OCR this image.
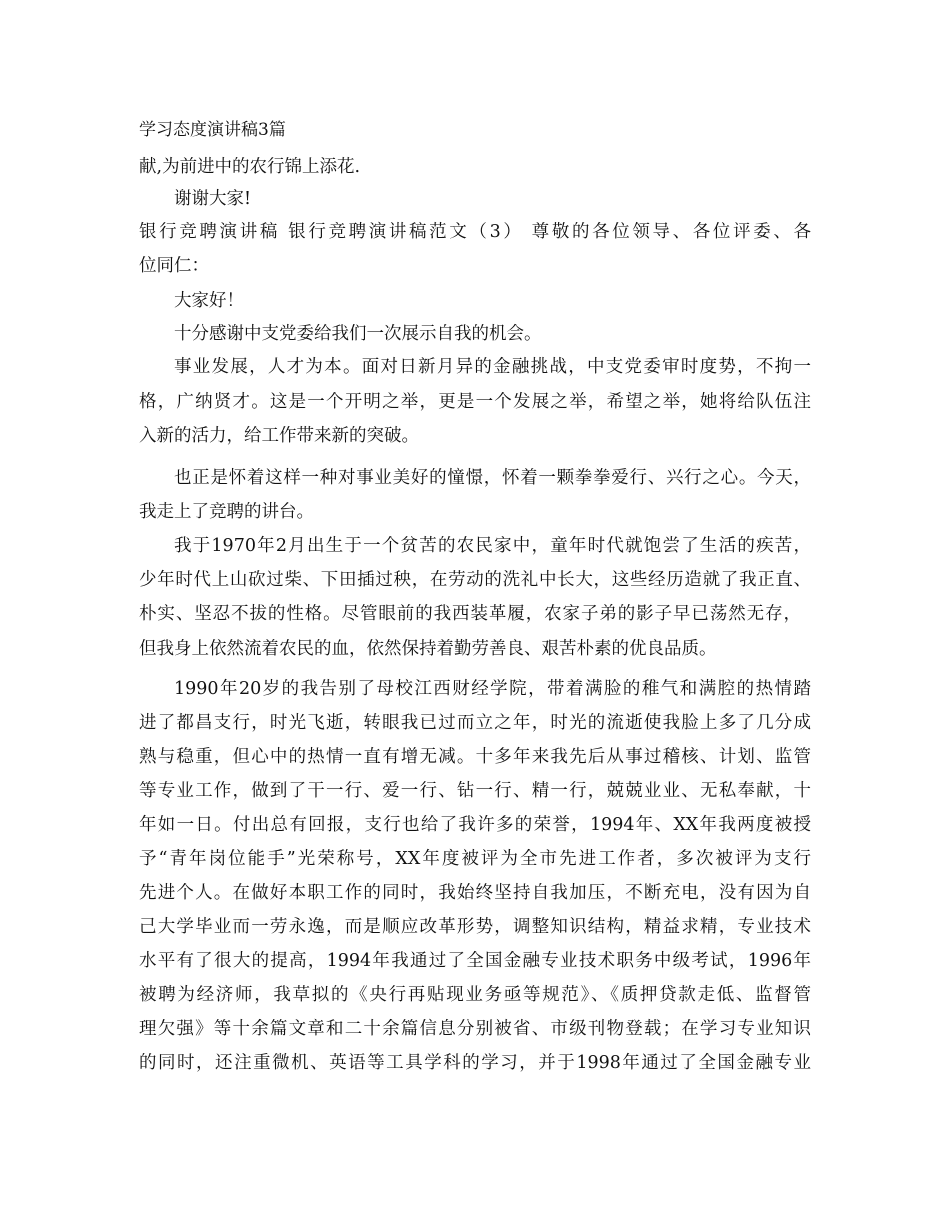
学习态度演讲稿3篇
献,为前进中的农行锦上添花.
谢谢大家!
银行竞聘演讲稿 银行竞聘演讲稿范文（3） 尊敬的各位领导、各位评委、各
位同仁：
大家好！
十分感谢中支党委给我们一次展示自我的机会。
事业发展，人才为本。面对日新月异的金融挑战，中支党委审时度势，不拘一
格，广纳贤才。这是一个开明之举，更是一个发展之举，希望之举，她将给队伍注
入新的活力，给工作带来新的突破。
也正是怀着这样一种对事业美好的憧憬，怀着一颗拳拳爱行、兴行之心。今天，
我走上了竞聘的讲台。
我于1970年2月出生于一个贫苦的农民家中，童年时代就饱尝了生活的疾苦，
少年时代上山砍过柴、下田插过秧，在劳动的洗礼中长大，这些经历造就了我正直、
朴实、坚忍不拔的性格。尽管眼前的我西装革履，农家子弟的影子早已荡然无存，
但我身上依然流着农民的血，依然保持着勤劳善良、艰苦朴素的优良品质。
1990年20岁的我告别了母校江西财经学院，带着满脸的稚气和满腔的热情踏
进了都昌支行，时光飞逝，转眼我已过而立之年，时光的流逝使我脸上多了几分成
熟与稳重，但心中的热情一直有增无减。十多年来我先后从事过稽核、计划、监管
等专业工作，做到了干一行、爱一行、钻一行、精一行，兢兢业业、无私奉献，十
年如一日。付出总有回报，支行也给了我许多的荣誉，1994年、XX年我两度被授
予“青年岗位能手”光荣称号，XX年度被评为全市先进工作者，多次被评为支行
先进个人。在做好本职工作的同时，我始终坚持自我加压，不断充电，没有因为自
己大学毕业而一劳永逸，而是顺应改革形势，调整知识结构，精益求精，专业技术
水平有了很大的提高，1994年我通过了全国金融专业技术职务中级考试，1996年
被聘为经济师，我草拟的《央行再贴现业务亟等规范》、《质押贷款走低、监督管
理欠强》等十余篇文章和二十余篇信息分别被省、市级刊物登载；在学习专业知识
的同时，还注重微机、英语等工具学科的学习，并于1998年通过了全国金融专业
